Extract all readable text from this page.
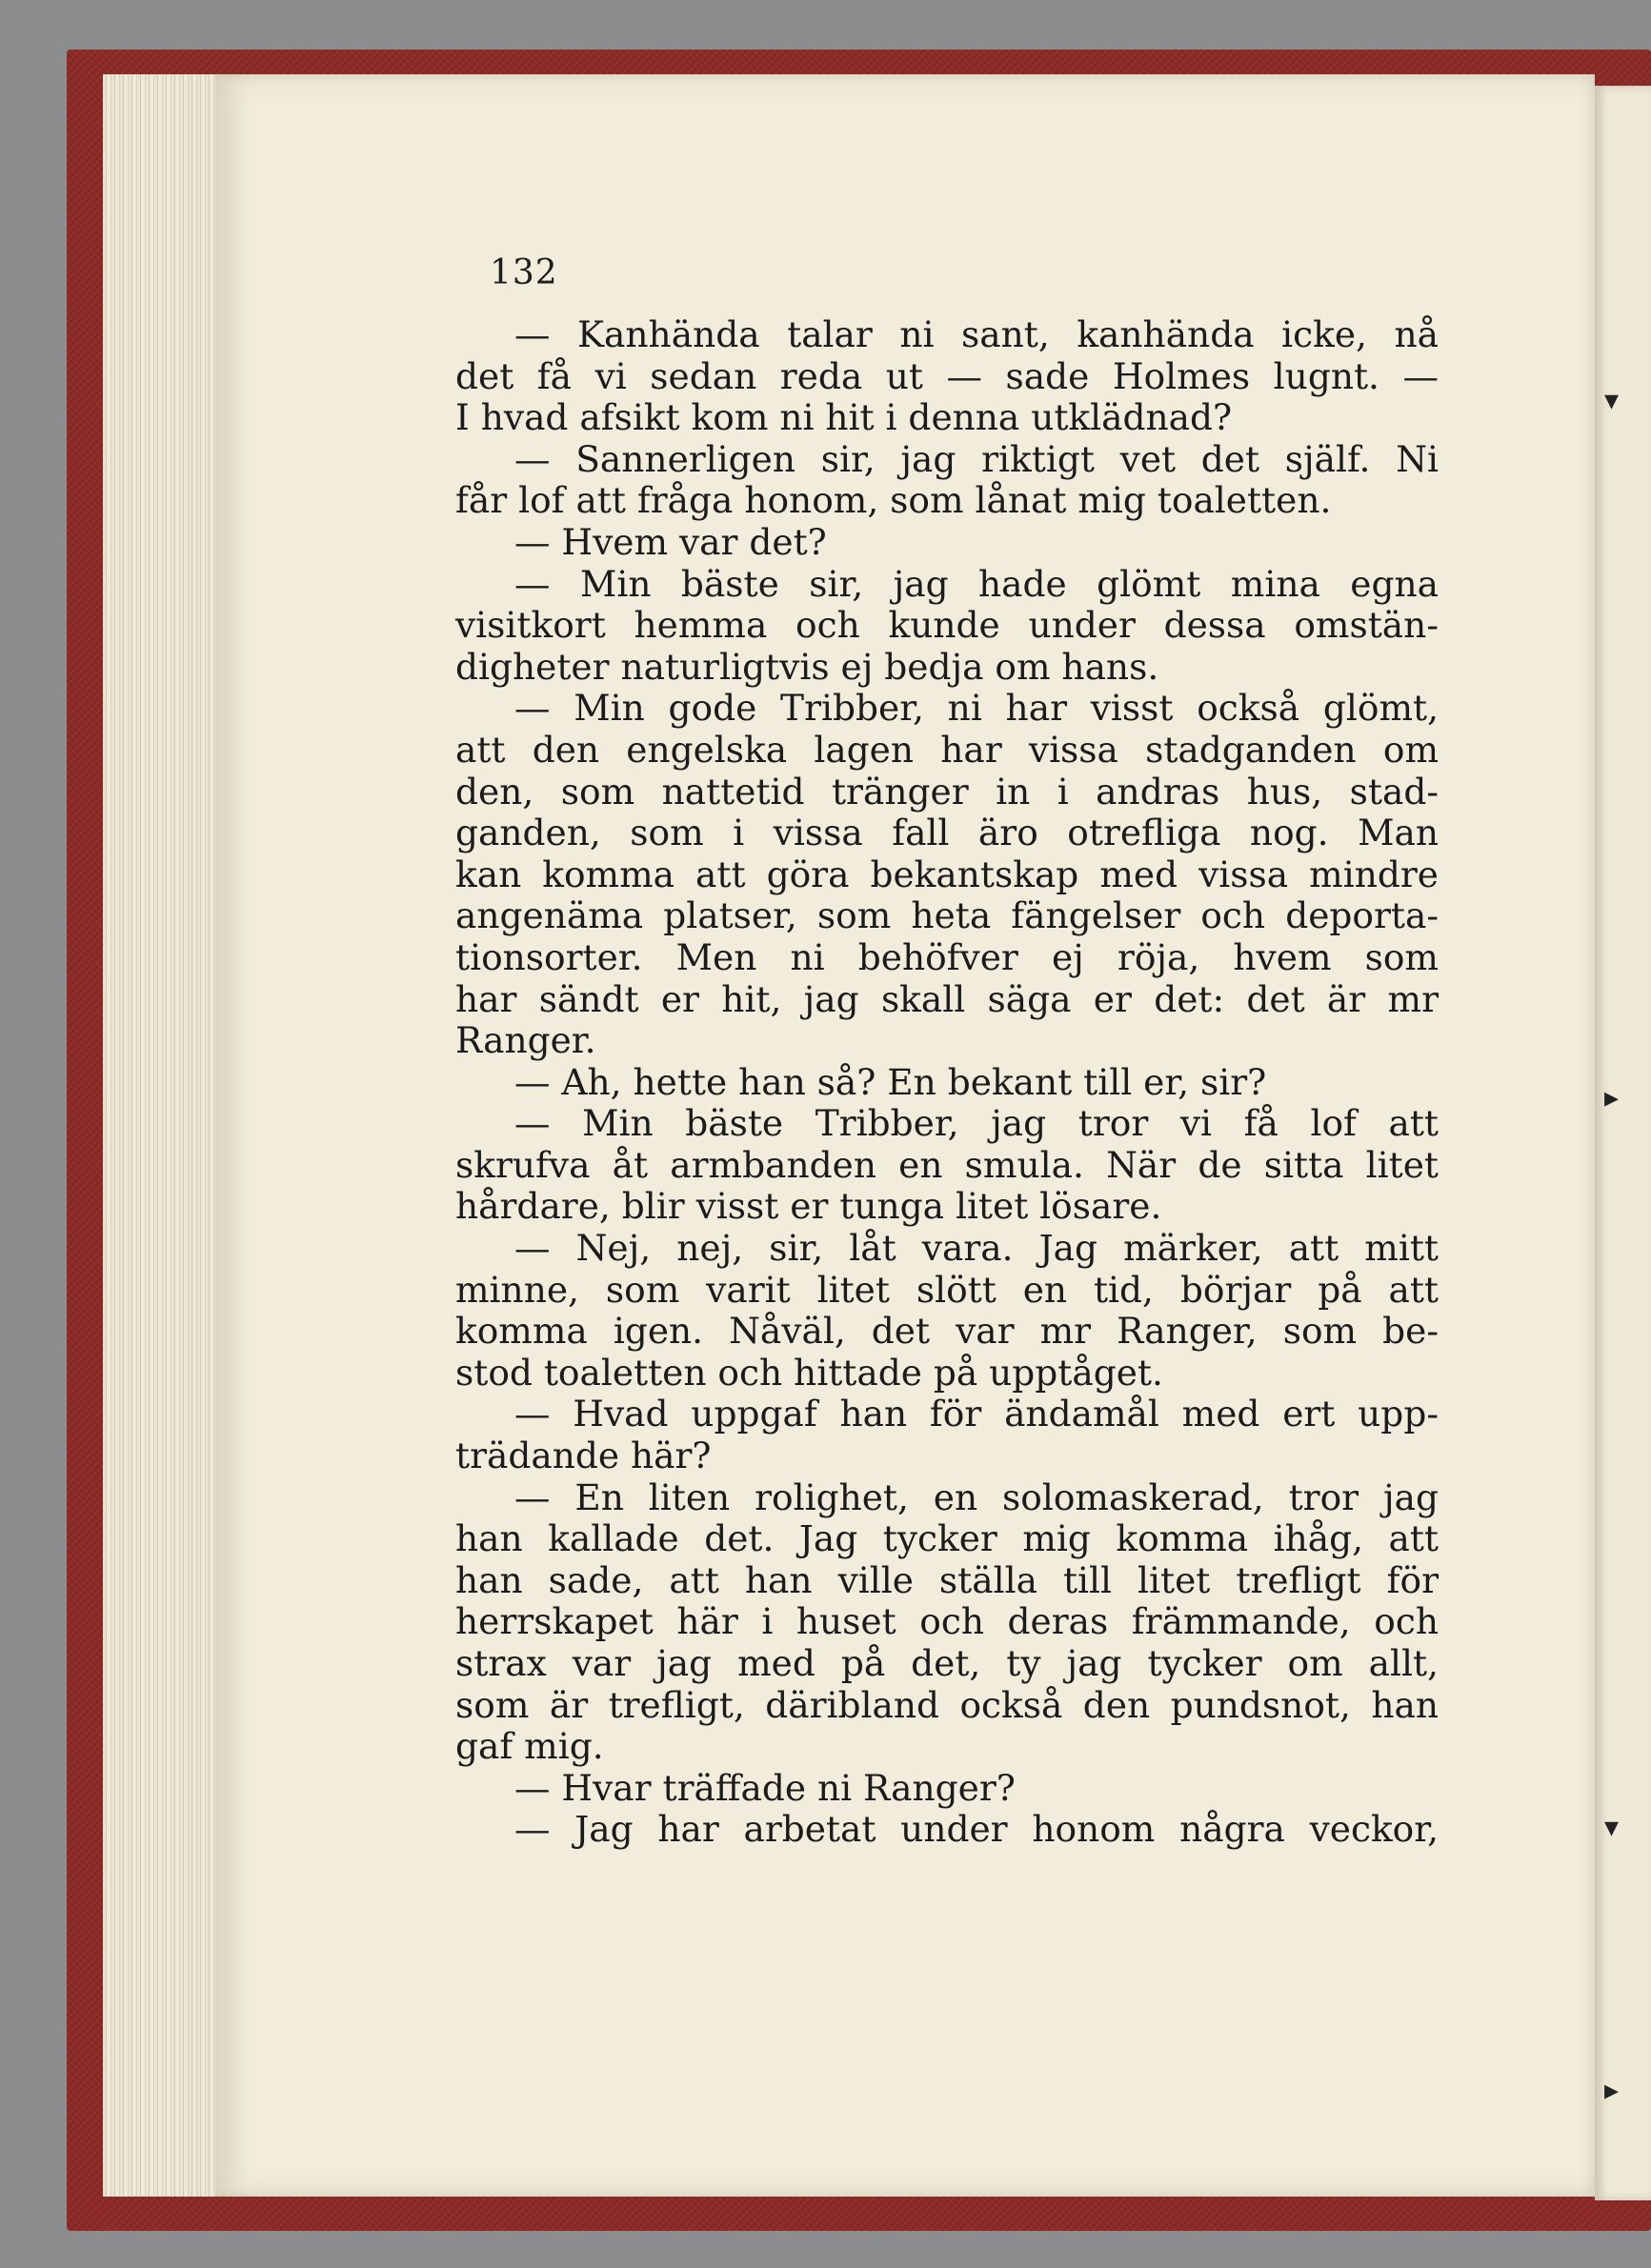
▾
▸
▾
▸
132
— Kanhända talar ni sant, kanhända icke, nå
det få vi sedan reda ut — sade Holmes lugnt. —
I hvad afsikt kom ni hit i denna utklädnad?
— Sannerligen sir, jag riktigt vet det själf. Ni
får lof att fråga honom, som lånat mig toaletten.
— Hvem var det?
— Min bäste sir, jag hade glömt mina egna
visitkort hemma och kunde under dessa omstän-
digheter naturligtvis ej bedja om hans.
— Min gode Tribber, ni har visst också glömt,
att den engelska lagen har vissa stadganden om
den, som nattetid tränger in i andras hus, stad-
ganden, som i vissa fall äro otrefliga nog. Man
kan komma att göra bekantskap med vissa mindre
angenäma platser, som heta fängelser och deporta-
tionsorter. Men ni behöfver ej röja, hvem som
har sändt er hit, jag skall säga er det: det är mr
Ranger.
— Ah, hette han så? En bekant till er, sir?
— Min bäste Tribber, jag tror vi få lof att
skrufva åt armbanden en smula. När de sitta litet
hårdare, blir visst er tunga litet lösare.
— Nej, nej, sir, låt vara. Jag märker, att mitt
minne, som varit litet slött en tid, börjar på att
komma igen. Nåväl, det var mr Ranger, som be-
stod toaletten och hittade på upptåget.
— Hvad uppgaf han för ändamål med ert upp-
trädande här?
— En liten rolighet, en solomaskerad, tror jag
han kallade det. Jag tycker mig komma ihåg, att
han sade, att han ville ställa till litet trefligt för
herrskapet här i huset och deras främmande, och
strax var jag med på det, ty jag tycker om allt,
som är trefligt, däribland också den pundsnot, han
gaf mig.
— Hvar träffade ni Ranger?
— Jag har arbetat under honom några veckor,
